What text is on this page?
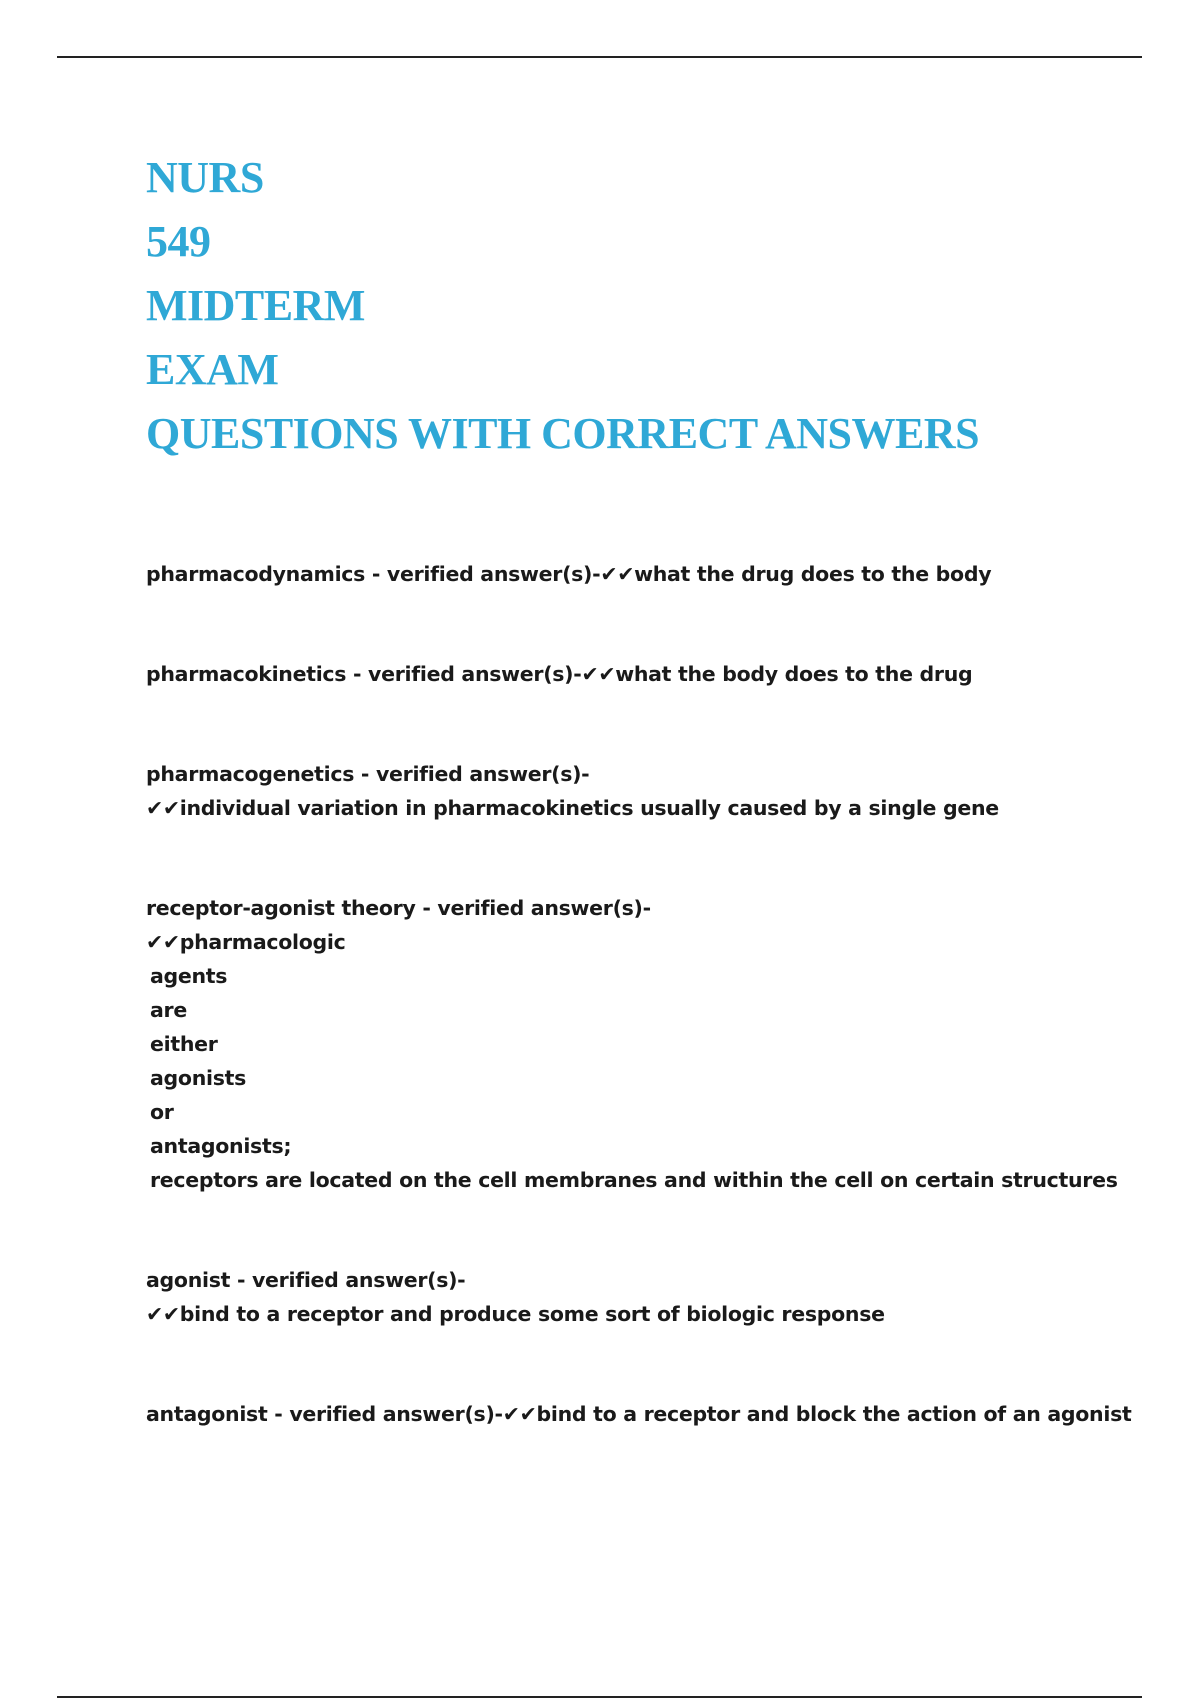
NURS
549
MIDTERM
EXAM
QUESTIONS WITH CORRECT ANSWERS
pharmacodynamics - verified answer(s)-✔✔what the drug does to the body
pharmacokinetics - verified answer(s)-✔✔what the body does to the drug
pharmacogenetics - verified answer(s)-
✔✔individual variation in pharmacokinetics usually caused by a single gene
receptor-agonist theory - verified answer(s)-
✔✔pharmacologic
agents
are
either
agonists
or
antagonists;
receptors are located on the cell membranes and within the cell on certain structures
agonist - verified answer(s)-
✔✔bind to a receptor and produce some sort of biologic response
antagonist - verified answer(s)-✔✔bind to a receptor and block the action of an agonist
